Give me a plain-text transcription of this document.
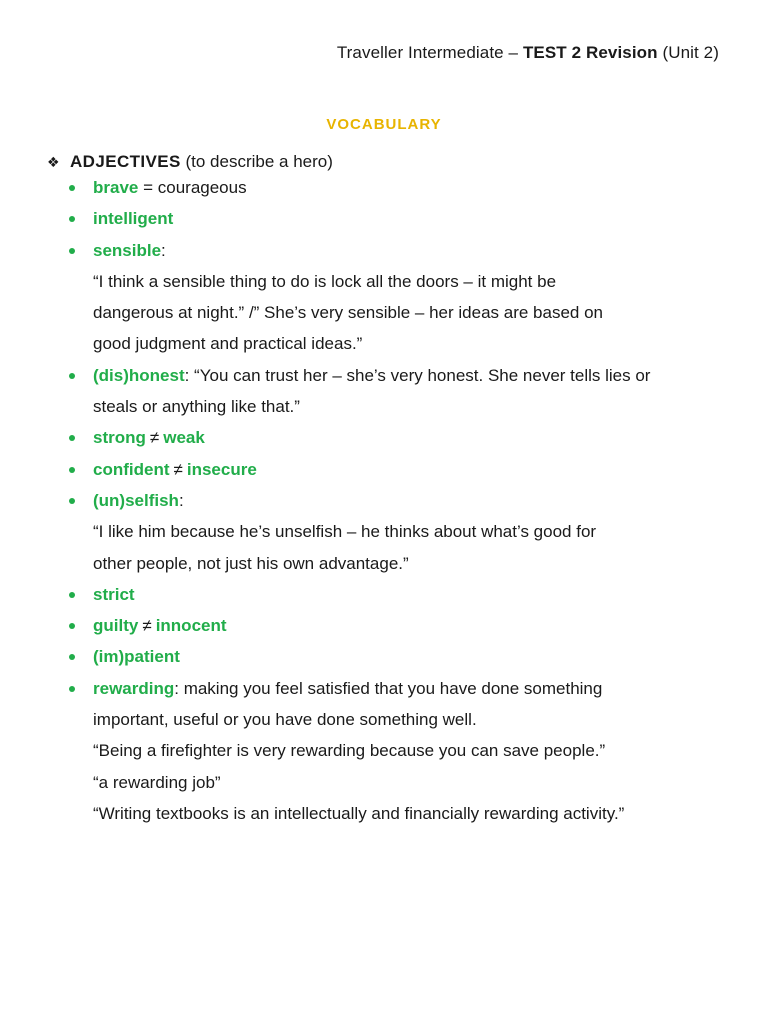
Traveller Intermediate – TEST 2 Revision (Unit 2)
VOCABULARY
❖ ADJECTIVES (to describe a hero)
brave = courageous
intelligent
sensible:
“I think a sensible thing to do is lock all the doors – it might be
dangerous at night.” /” She’s very sensible – her ideas are based on
good judgment and practical ideas.”
(dis)honest: “You can trust her – she’s very honest. She never tells lies or
steals or anything like that.”
strong ≠ weak
confident ≠ insecure
(un)selfish:
“I like him because he’s unselfish – he thinks about what’s good for
other people, not just his own advantage.”
strict
guilty ≠ innocent
(im)patient
rewarding: making you feel satisfied that you have done something
important, useful or you have done something well.
“Being a firefighter is very rewarding because you can save people.”
“a rewarding job”
“Writing textbooks is an intellectually and financially rewarding activity.”
